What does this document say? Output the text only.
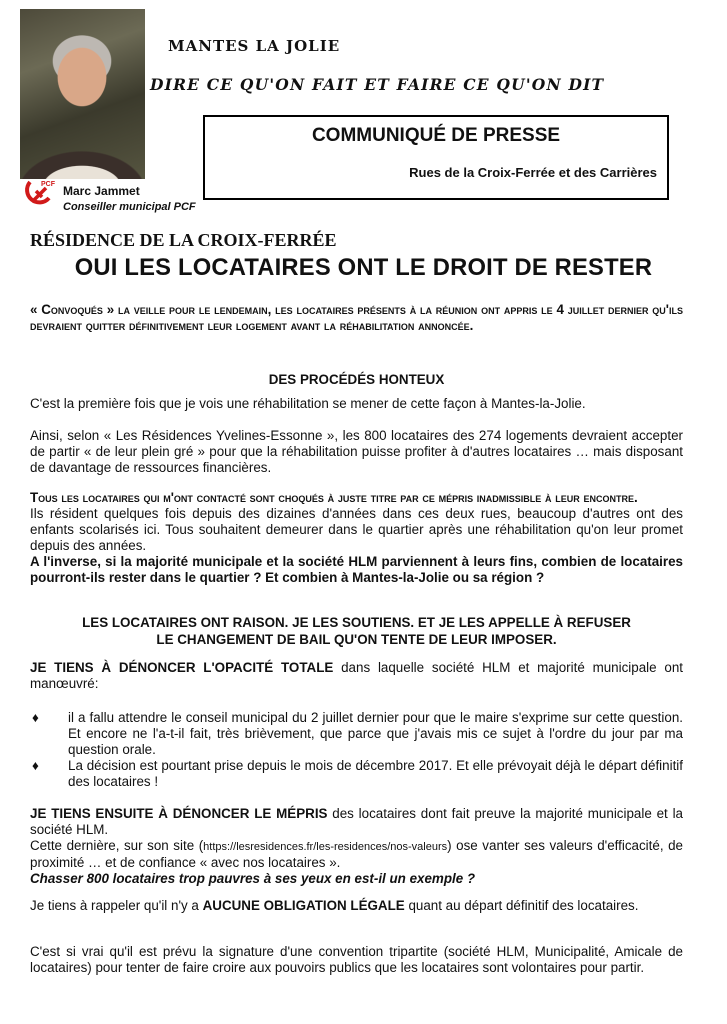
PCF Marc Jammet
Conseiller municipal PCF
MANTES LA JOLIE
DIRE CE QU'ON FAIT ET FAIRE CE QU'ON DIT
COMMUNIQUÉ DE PRESSE
Rues de la Croix-Ferrée et des Carrières
RÉSIDENCE DE LA CROIX-FERRÉE
OUI LES LOCATAIRES ONT LE DROIT DE RESTER
« Convoqués » la veille pour le lendemain, les locataires présents à la réunion ont appris le 4 juillet dernier qu'ils devraient quitter définitivement leur logement avant la réhabilitation annoncée.
DES PROCÉDÉS HONTEUX
C'est la première fois que je vois une réhabilitation se mener de cette façon à Mantes-la-Jolie.
Ainsi, selon « Les Résidences Yvelines-Essonne », les 800 locataires des 274 logements devraient accepter de partir « de leur plein gré » pour que la réhabilitation puisse profiter à d'autres locataires … mais disposant de davantage de ressources financières.
Tous les locataires qui m'ont contacté sont choqués à juste titre par ce mépris inadmissible à leur encontre.
Ils résident quelques fois depuis des dizaines d'années dans ces deux rues, beaucoup d'autres ont des enfants scolarisés ici. Tous souhaitent demeurer dans le quartier après une réhabilitation qu'on leur promet depuis des années.
A l'inverse, si la majorité municipale et la société HLM parviennent à leurs fins, combien de locataires pourront-ils rester dans le quartier ? Et combien à Mantes-la-Jolie ou sa région ?
LES LOCATAIRES ONT RAISON. JE LES SOUTIENS. ET JE LES APPELLE À REFUSER
LE CHANGEMENT DE BAIL QU'ON TENTE DE LEUR IMPOSER.
JE TIENS À DÉNONCER L'OPACITÉ TOTALE dans laquelle société HLM et majorité municipale ont manœuvré:
♦	il a fallu attendre le conseil municipal du 2 juillet dernier pour que le maire s'exprime sur cette question. Et encore ne l'a-t-il fait, très brièvement, que parce que j'avais mis ce sujet à l'ordre du jour par ma question orale.
♦	La décision est pourtant prise depuis le mois de décembre 2017. Et elle prévoyait déjà le départ définitif des locataires !
JE TIENS ENSUITE À DÉNONCER LE MÉPRIS des locataires dont fait preuve la majorité municipale et la société HLM.
Cette dernière, sur son site (https://lesresidences.fr/les-residences/nos-valeurs) ose vanter ses valeurs d'efficacité, de proximité … et de confiance « avec nos locataires ».
Chasser 800 locataires trop pauvres à ses yeux en est-il un exemple ?
Je tiens à rappeler qu'il n'y a AUCUNE OBLIGATION LÉGALE quant au départ définitif des locataires.
C'est si vrai qu'il est prévu la signature d'une convention tripartite (société HLM, Municipalité, Amicale de locataires) pour tenter de faire croire aux pouvoirs publics que les locataires sont volontaires pour partir.
